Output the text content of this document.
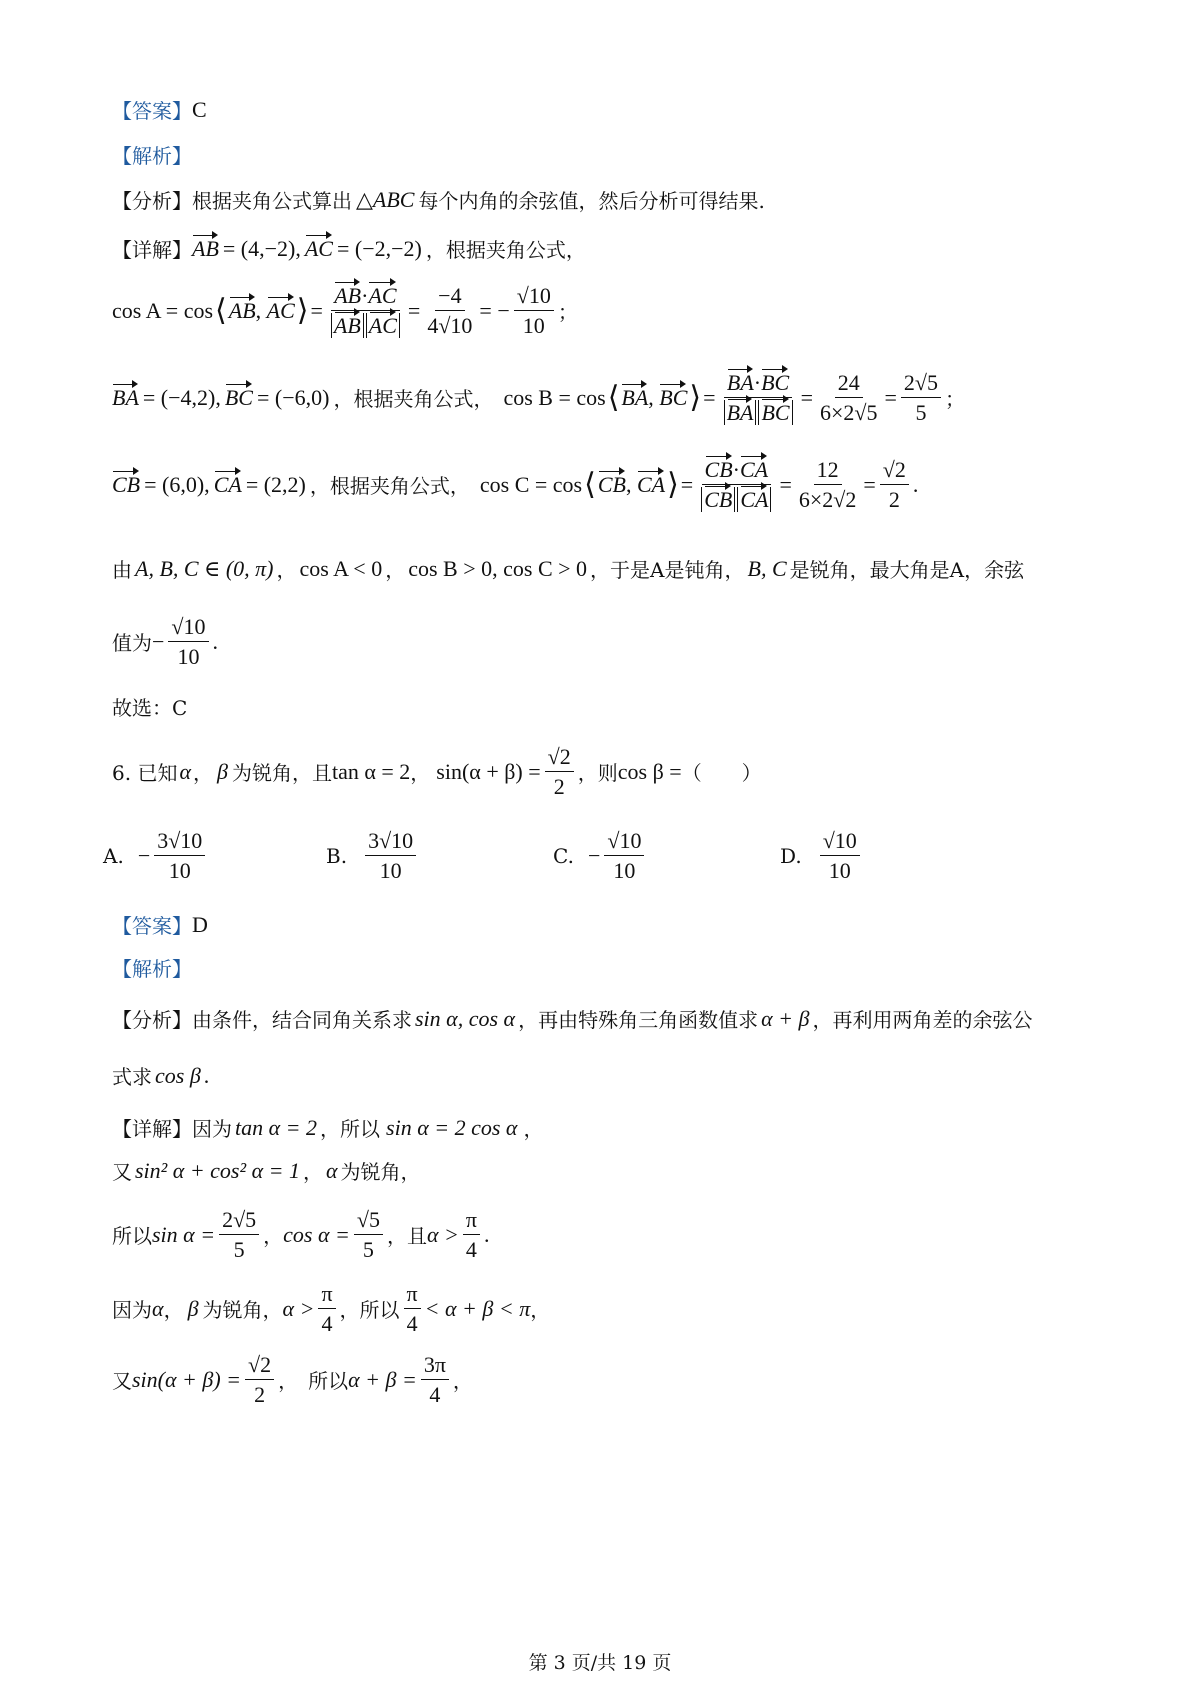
【答案】 C
【解析】
【分析】 根据夹角公式算出 △ABC 每个内角的余弦值，然后分析可得结果.
【详解】 AB = (4,−2), AC = (−2,−2) ，根据夹角公式，
cos A = cos ⟨ AB, AC ⟩ = $\frac{AB\cdot AC}{\text{AB AC}} = \frac{-4}{4√10}$ = − $\frac{√10}{10}$ ；
BA = (−4,2), BC = (−6,0) ，根据夹角公式， cos B = cos ⟨ BA, BC ⟩ = $\frac{BA\cdot BC}{\text{BA BC}} = \frac{24}{6\times 2√5} = \frac{2√5}{5}$ ；
CB = (6,0), CA = (2,2) ，根据夹角公式， cos C = cos ⟨ CB, CA ⟩ = $\frac{CB\cdot CA}{\text{CB CA}} = \frac{12}{6\times 2√2} = \frac{√2}{2}$ .
由 A, B, C ∈ (0, π) ， cos A < 0 ， cos B > 0, cos C > 0 ，于是A是钝角， B, C 是锐角，最大角是A，余弦
值为 − $\frac{√10}{10}$ .
故选：C
6. 已知 α ， β 为锐角，且 tan α = 2 ， $\sin(\alpha + \beta) = \frac{√2}{2}$ ，则 cos β = （　　）
A. − $\frac{3√10}{10}$	B. $\frac{3√10}{10}$	C. − $\frac{√10}{10}$	D. $\frac{√10}{10}$
【答案】 D
【解析】
【分析】 由条件，结合同角关系求 sin α, cos α ，再由特殊角三角函数值求 α + β ，再利用两角差的余弦公
式求 cos β .
【详解】 因为 tan α = 2 ，所以 sin α = 2 cos α ，
又 sin² α + cos² α = 1 ， α 为锐角，
所以 $\sin \alpha = \frac{2√5}{5}$ ， $\cos \alpha = \frac{√5}{5}$ ，且 $\alpha > \frac{\pi}{4}$ .
因为 α ， β 为锐角， $\alpha > \frac{\pi}{4}$ ，所以 $\frac{\pi}{4} < \alpha + \beta < \pi$ ，
又 $\sin(\alpha + \beta) = \frac{√2}{2}$ ，　所以 $\alpha + \beta = \frac{3\pi}{4}$ ，
第 3 页/共 19 页
